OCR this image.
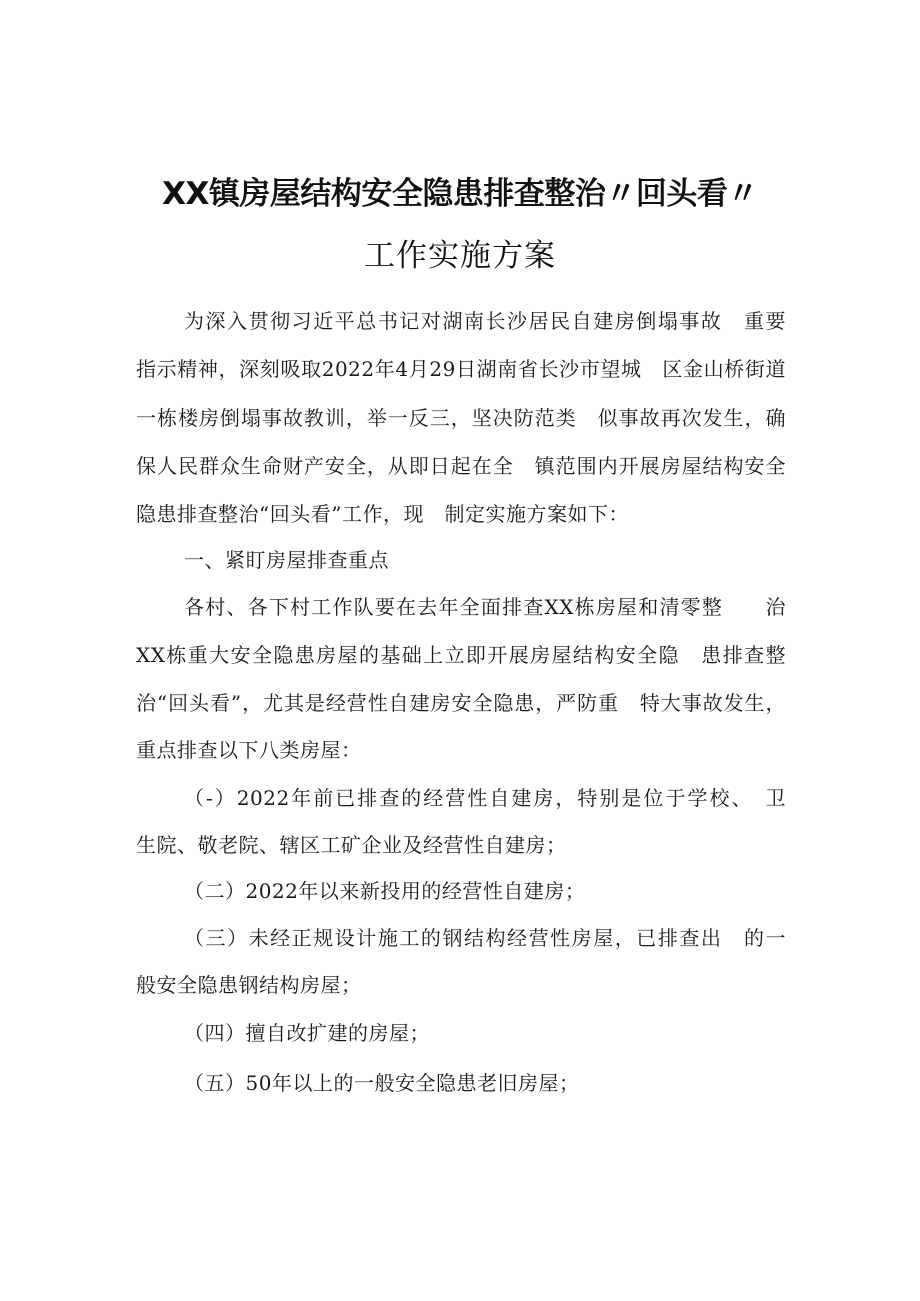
XX镇房屋结构安全隐患排查整治〃回头看〃
工作实施方案
为深入贯彻习近平总书记对湖南长沙居民自建房倒塌事故　重要
指示精神，深刻吸取2022年4月29日湖南省长沙市望城　区金山桥街道
一栋楼房倒塌事故教训，举一反三，坚决防范类　似事故再次发生，确
保人民群众生命财产安全，从即日起在全　镇范围内开展房屋结构安全
隐患排查整治“回头看”工作，现　制定实施方案如下：
一、紧盯房屋排查重点
各村、各下村工作队要在去年全面排查XX栋房屋和清零整　　治
XX栋重大安全隐患房屋的基础上立即开展房屋结构安全隐　患排查整
治“回头看”，尤其是经营性自建房安全隐患，严防重　特大事故发生，
重点排查以下八类房屋：
（-）2022年前已排查的经营性自建房，特别是位于学校、　卫
生院、敬老院、辖区工矿企业及经营性自建房；
（二）2022年以来新投用的经营性自建房；
（三）未经正规设计施工的钢结构经营性房屋，已排查出　的一
般安全隐患钢结构房屋；
（四）擅自改扩建的房屋；
（五）50年以上的一般安全隐患老旧房屋；
